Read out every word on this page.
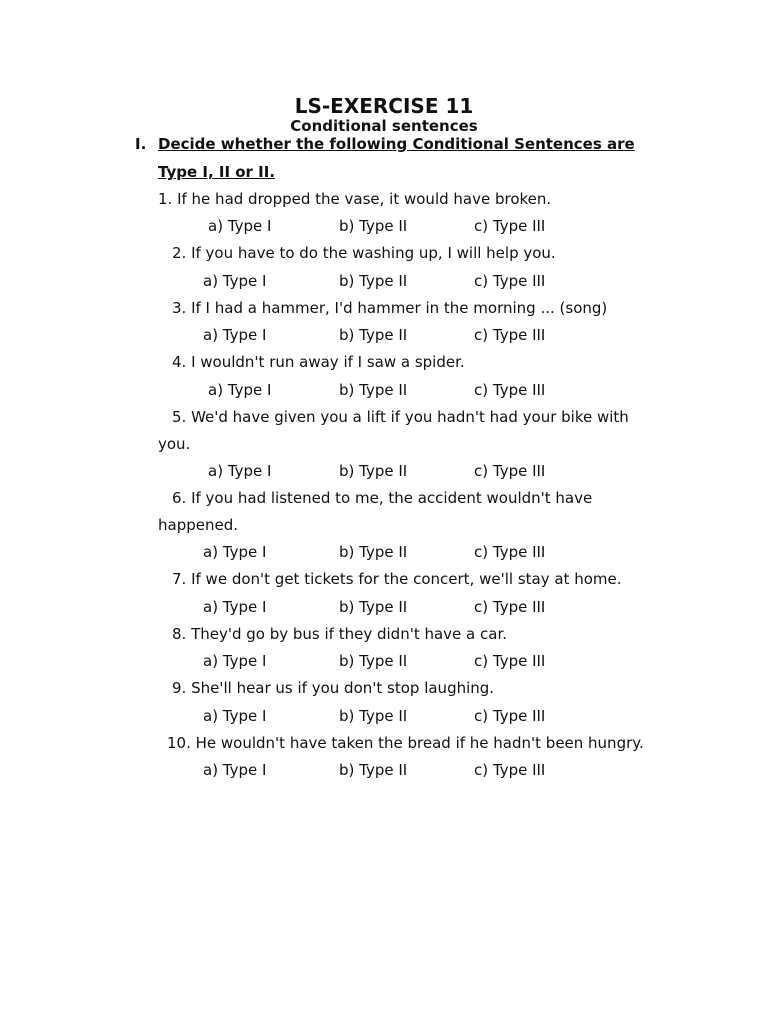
LS-EXERCISE 11
Conditional sentences
I. Decide whether the following Conditional Sentences are
Type I, II or II.
1. If he had dropped the vase, it would have broken.
a) Type I	b) Type II	c) Type III
2. If you have to do the washing up, I will help you.
a) Type I	b) Type II	c) Type III
3. If I had a hammer, I'd hammer in the morning ... (song)
a) Type I	b) Type II	c) Type III
4. I wouldn't run away if I saw a spider.
a) Type I	b) Type II	c) Type III
5. We'd have given you a lift if you hadn't had your bike with
you.
a) Type I	b) Type II	c) Type III
6. If you had listened to me, the accident wouldn't have
happened.
a) Type I	b) Type II	c) Type III
7. If we don't get tickets for the concert, we'll stay at home.
a) Type I	b) Type II	c) Type III
8. They'd go by bus if they didn't have a car.
a) Type I	b) Type II	c) Type III
9. She'll hear us if you don't stop laughing.
a) Type I	b) Type II	c) Type III
10. He wouldn't have taken the bread if he hadn't been hungry.
a) Type I	b) Type II	c) Type III
